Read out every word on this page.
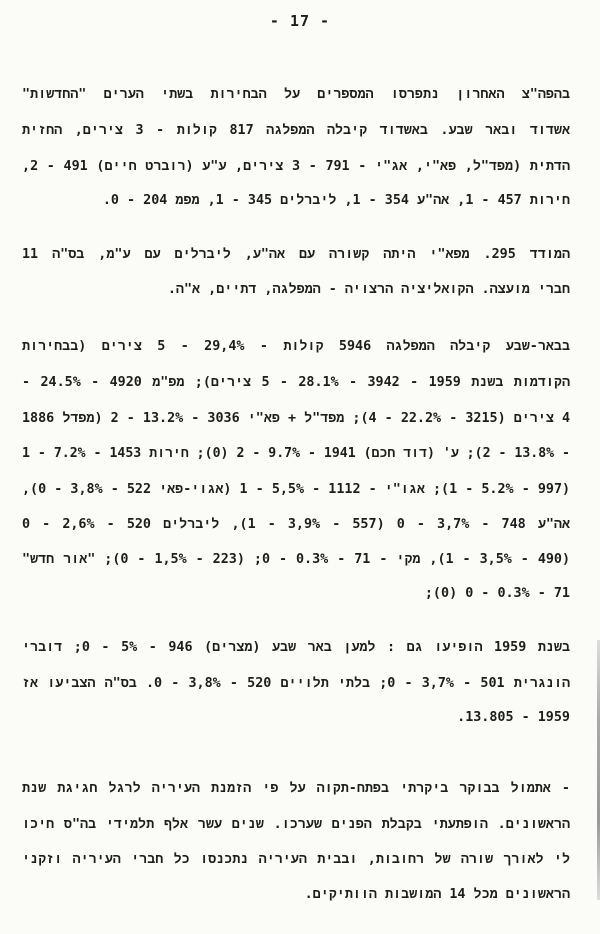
- 17 -
בהפה"צ האחרון נתפרסו המספרים על הבחירות בשתי הערים "החדשות"
אשדוד ובאר שבע. באשדוד קיבלה המפלגה 817 קולות - 3 צירים, החזית
הדתית (מפד"ל, פא"י, אג"י - 791 - 3 צירים, ע"ע (רוברט חיים) 491 - 2,
חירות 457 - 1, אה"ע 354 - 1, ליברלים 345 - 1, מפמ 204 - 0.
המודד 295. מפא"י היתה קשורה עם אה"ע, ליברלים עם ע"מ, בס"ה 11
חברי מועצה. הקואליציה הרצויה - המפלגה, דתיים, א"ה.
בבאר-שבע קיבלה המפלגה 5946 קולות - 29,4% - 5 צירים (בבחירות
הקודמות בשנת 1959 - 3942 - 28.1% - 5 צירים); מפ"מ 4920 - 24.5% -
4 צירים (3215 - 22.2% - 4); מפד"ל + פא"י 3036 - 13.2% - 2 (מפדל 1886
- 13.8% - 2); ע' (דוד חכם) 1941 - 9.7% - 2 (0); חירות 1453 - 7.2% - 1
(997 - 5.2% - 1); אגו"י - 1112 - 5,5% - 1 (אגוי-פאי 522 - 3,8% - 0),
אה"ע 748 - 3,7% - 0 (557 - 3,9% - 1), ליברלים 520 - 2,6% - 0
(490 - 3,5% - 1), מקי - 71 - 0.3% - 0; (223 - 1,5% - 0); "אור חדש"
71 - 0.3% - 0 (0);
בשנת 1959 הופיעו גם : למען באר שבע (מצרים) 946 - 5% - 0; דוברי
הונגרית 501 - 3,7% - 0; בלתי תלויים 520 - 3,8% - 0. בס"ה הצביעו אז
1959 - 13.805.
- אתמול בבוקר ביקרתי בפתח-תקוה על פי הזמנת העיריה לרגל חגיגת שנת
הראשונים. הופתעתי בקבלת הפנים שערכו. שנים עשר אלף תלמידי בה"ס חיכו
לי לאורך שורה של רחובות, ובבית העיריה נתכנסו כל חברי העיריה וזקני
הראשונים מכל 14 המושבות הוותיקים.
